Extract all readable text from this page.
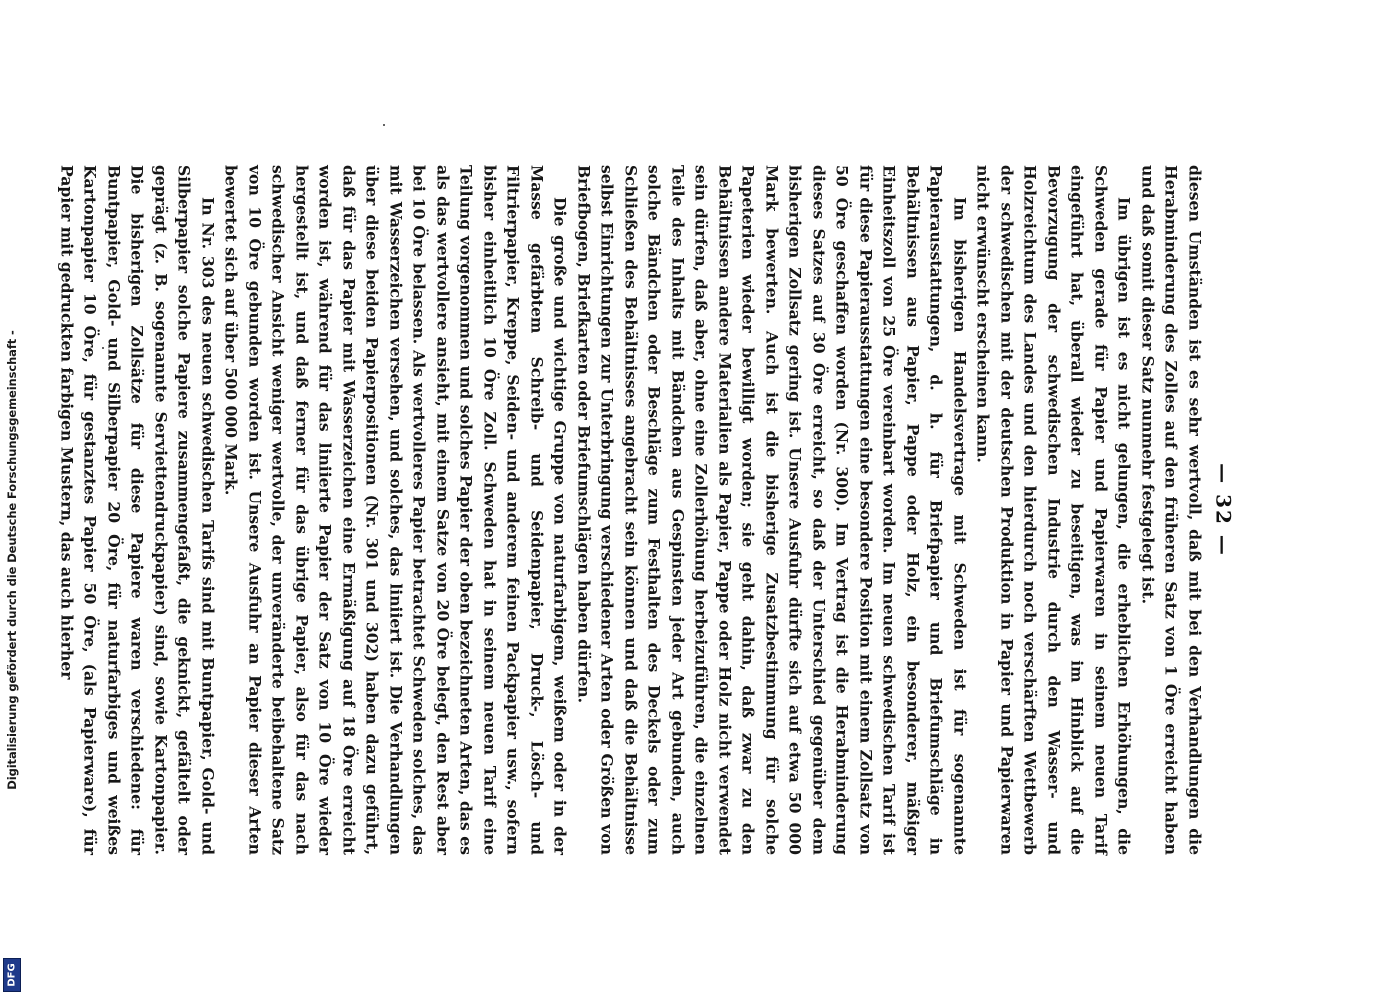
Digitalisierung gefördert durch die Deutsche Forschungsgemeinschaft -
DFG
— 32 —

diesen Umständen ist es sehr wertvoll, daß mit bei den Verhandlungen die Herabminderung des Zolles auf den früheren Satz von 1 Öre erreicht haben und daß somit dieser Satz nunmehr festgelegt ist.

Im übrigen ist es nicht gelungen, die erheblichen Erhöhungen, die Schweden gerade für Papier und Papierwaren in seinem neuen Tarif eingeführt hat, überall wieder zu beseitigen, was im Hinblick auf die Bevorzugung der schwedischen Industrie durch den Wasser- und Holzreichtum des Landes und den hierdurch noch verschärften Wettbewerb der schwedischen mit der deutschen Produktion in Papier und Papierwaren nicht erwünscht erscheinen kann.

Im bisherigen Handelsvertrage mit Schweden ist für sogenannte Papierausstattungen, d. h. für Briefpapier und Briefumschläge in Behältnissen aus Papier, Pappe oder Holz, ein besonderer, mäßiger Einheitszoll von 25 Öre vereinbart worden. Im neuen schwedischen Tarif ist für diese Papierausstattungen eine besondere Position mit einem Zollsatz von 50 Öre geschaffen worden (Nr. 300). Im Vertrag ist die Herabminderung dieses Satzes auf 30 Öre erreicht, so daß der Unterschied gegenüber dem bisherigen Zollsatz gering ist. Unsere Ausfuhr dürfte sich auf etwa 50 000 Mark bewerten. Auch ist die bisherige Zusatzbestimmung für solche Papeterien wieder bewilligt worden; sie geht dahin, daß zwar zu den Behältnissen andere Materialien als Papier, Pappe oder Holz nicht verwendet sein dürfen, daß aber, ohne eine Zollerhöhung herbeizuführen, die einzelnen Teile des Inhalts mit Bändchen aus Gespinsten jeder Art gebunden, auch solche Bändchen oder Beschläge zum Festhalten des Deckels oder zum Schließen des Behältnisses angebracht sein können und daß die Behältnisse selbst Einrichtungen zur Unterbringung verschiedener Arten oder Größen von Briefbogen, Briefkarten oder Briefumschlägen haben dürfen.

Die große und wichtige Gruppe von naturfarbigem, weißem oder in der Masse gefärbtem Schreib- und Seidenpapier, Druck-, Lösch- und Filtrierpapier, Kreppe, Seiden- und anderem feinen Packpapier usw., sofern bisher einheitlich 10 Öre Zoll. Schweden hat in seinem neuen Tarif eine Teilung vorgenommen und solches Papier der oben bezeichneten Arten, das es als das wertvollere ansieht, mit einem Satze von 20 Öre belegt, den Rest aber bei 10 Öre belassen. Als wertvolleres Papier betrachtet Schweden solches, das mit Wasserzeichen versehen, und solches, das liniiert ist. Die Verhandlungen über diese beiden Papierpositionen (Nr. 301 und 302) haben dazu geführt, daß für das Papier mit Wasserzeichen eine Ermäßigung auf 18 Öre erreicht worden ist, während für das liniierte Papier der Satz von 10 Öre wieder hergestellt ist, und daß ferner für das übrige Papier, also für das nach schwedischer Ansicht weniger wertvolle, der unveränderte beibehaltene Satz von 10 Öre gebunden worden ist. Unsere Ausfuhr an Papier dieser Arten bewertet sich auf über 500 000 Mark.

In Nr. 303 des neuen schwedischen Tarifs sind mit Buntpapier, Gold- und Silberpapier solche Papiere zusammengefaßt, die geknickt, gefältelt oder geprägt (z. B. sogenannte Serviettendruckpapier) sind, sowie Kartonpapier. Die bisherigen Zollsätze für diese Papiere waren verschiedene: für Buntpapier, Gold- und Silberpapier 20 Öre, für naturfarbiges und weißes Kartonpapier 10 Öre, für gestanztes Papier 50 Öre, (als Papierware), für Papier mit gedruckten farbigen Mustern, das auch hierher
